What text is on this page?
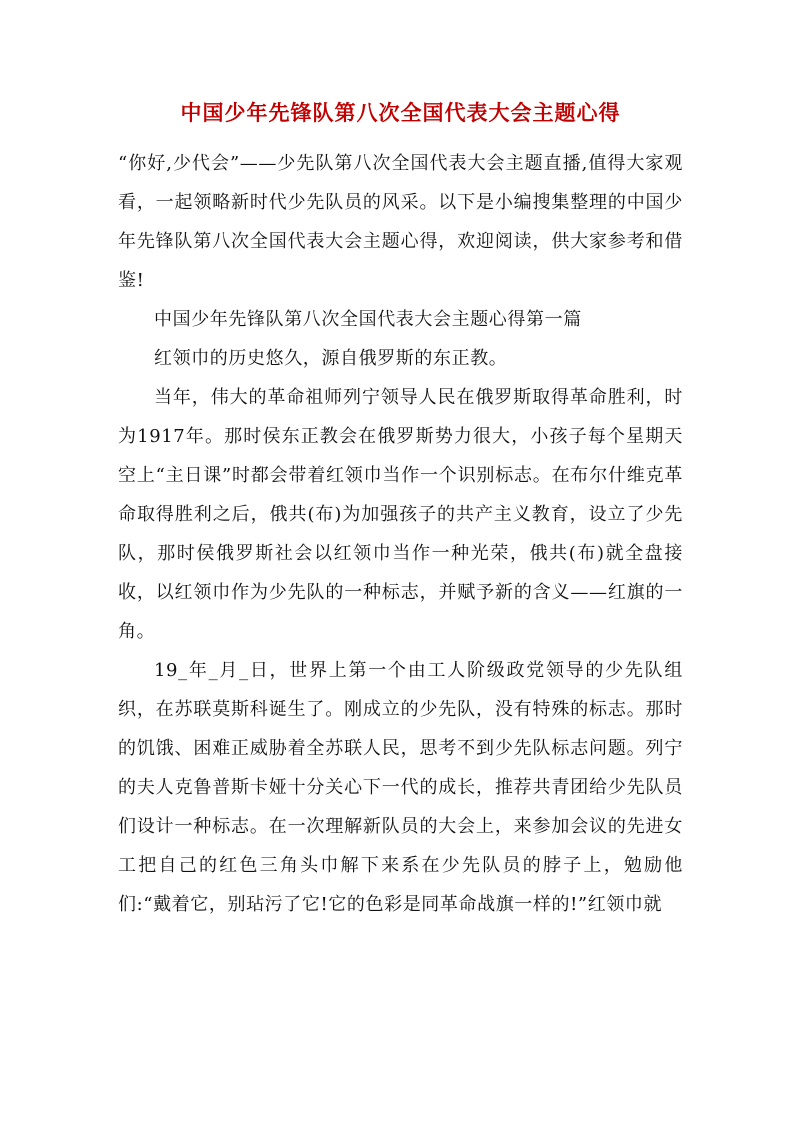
中国少年先锋队第八次全国代表大会主题心得

“你好,少代会”——少先队第八次全国代表大会主题直播,值得大家观看，一起领略新时代少先队员的风采。以下是小编搜集整理的中国少年先锋队第八次全国代表大会主题心得，欢迎阅读，供大家参考和借鉴!

中国少年先锋队第八次全国代表大会主题心得第一篇

红领巾的历史悠久，源自俄罗斯的东正教。

当年，伟大的革命祖师列宁领导人民在俄罗斯取得革命胜利，时为1917年。那时侯东正教会在俄罗斯势力很大，小孩子每个星期天空上“主日课”时都会带着红领巾当作一个识别标志。在布尔什维克革命取得胜利之后，俄共(布)为加强孩子的共产主义教育，设立了少先队，那时侯俄罗斯社会以红领巾当作一种光荣，俄共(布)就全盘接收，以红领巾作为少先队的一种标志，并赋予新的含义——红旗的一角。

19_年_月_日，世界上第一个由工人阶级政党领导的少先队组织，在苏联莫斯科诞生了。刚成立的少先队，没有特殊的标志。那时的饥饿、困难正威胁着全苏联人民，思考不到少先队标志问题。列宁的夫人克鲁普斯卡娅十分关心下一代的成长，推荐共青团给少先队员们设计一种标志。在一次理解新队员的大会上，来参加会议的先进女工把自己的红色三角头巾解下来系在少先队员的脖子上，勉励他们:“戴着它，别玷污了它!它的色彩是同革命战旗一样的!”红领巾就
